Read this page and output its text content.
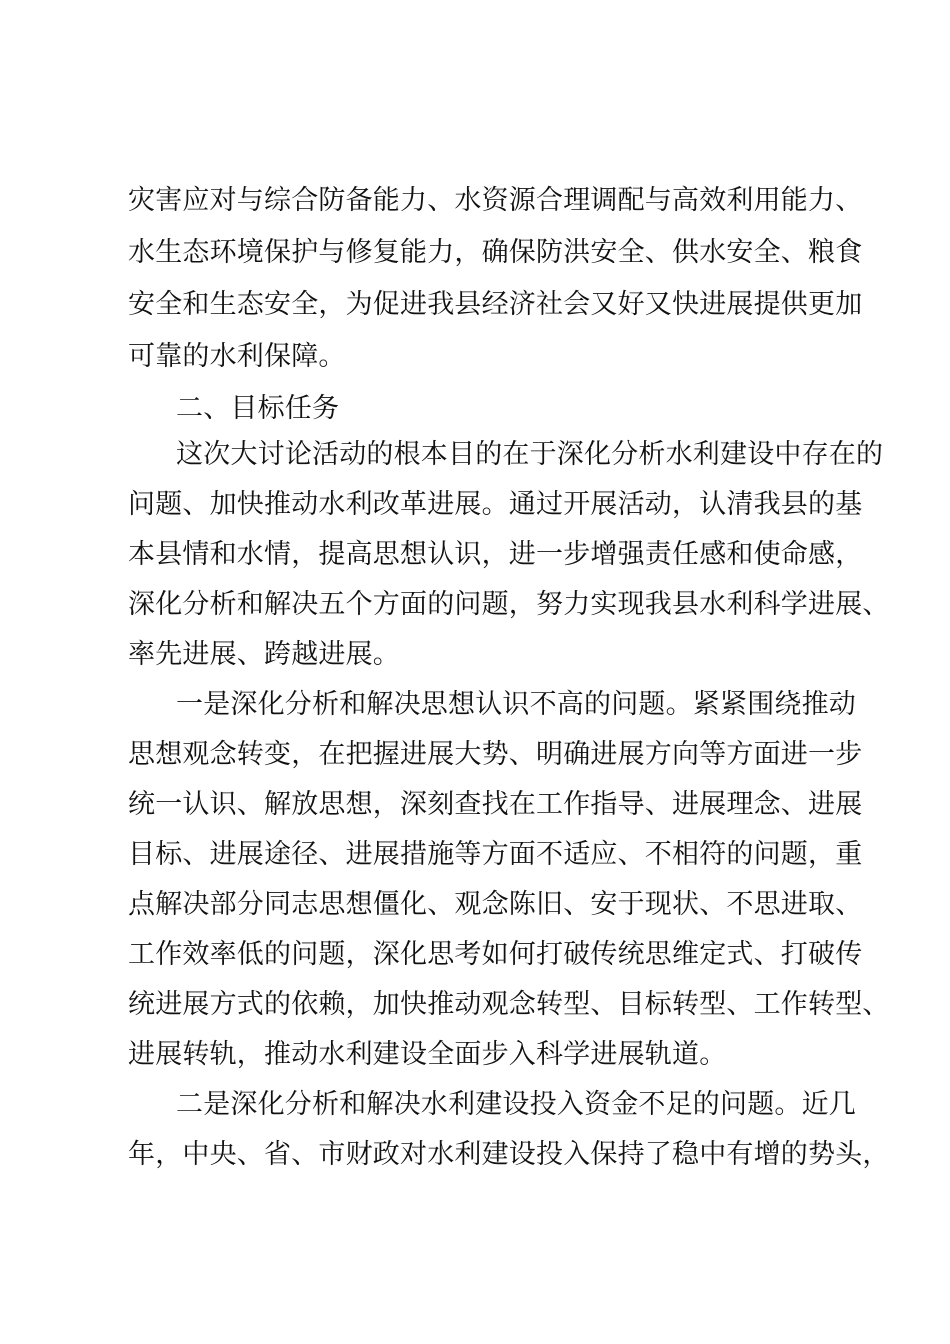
灾害应对与综合防备能力、水资源合理调配与高效利用能力、
水生态环境保护与修复能力，确保防洪安全、供水安全、粮食
安全和生态安全，为促进我县经济社会又好又快进展提供更加
可靠的水利保障。
二、目标任务
这次大讨论活动的根本目的在于深化分析水利建设中存在的
问题、加快推动水利改革进展。通过开展活动，认清我县的基
本县情和水情，提高思想认识，进一步增强责任感和使命感，
深化分析和解决五个方面的问题，努力实现我县水利科学进展、
率先进展、跨越进展。
一是深化分析和解决思想认识不高的问题。紧紧围绕推动
思想观念转变，在把握进展大势、明确进展方向等方面进一步
统一认识、解放思想，深刻查找在工作指导、进展理念、进展
目标、进展途径、进展措施等方面不适应、不相符的问题，重
点解决部分同志思想僵化、观念陈旧、安于现状、不思进取、
工作效率低的问题，深化思考如何打破传统思维定式、打破传
统进展方式的依赖，加快推动观念转型、目标转型、工作转型、
进展转轨，推动水利建设全面步入科学进展轨道。
二是深化分析和解决水利建设投入资金不足的问题。近几
年，中央、省、市财政对水利建设投入保持了稳中有增的势头，
